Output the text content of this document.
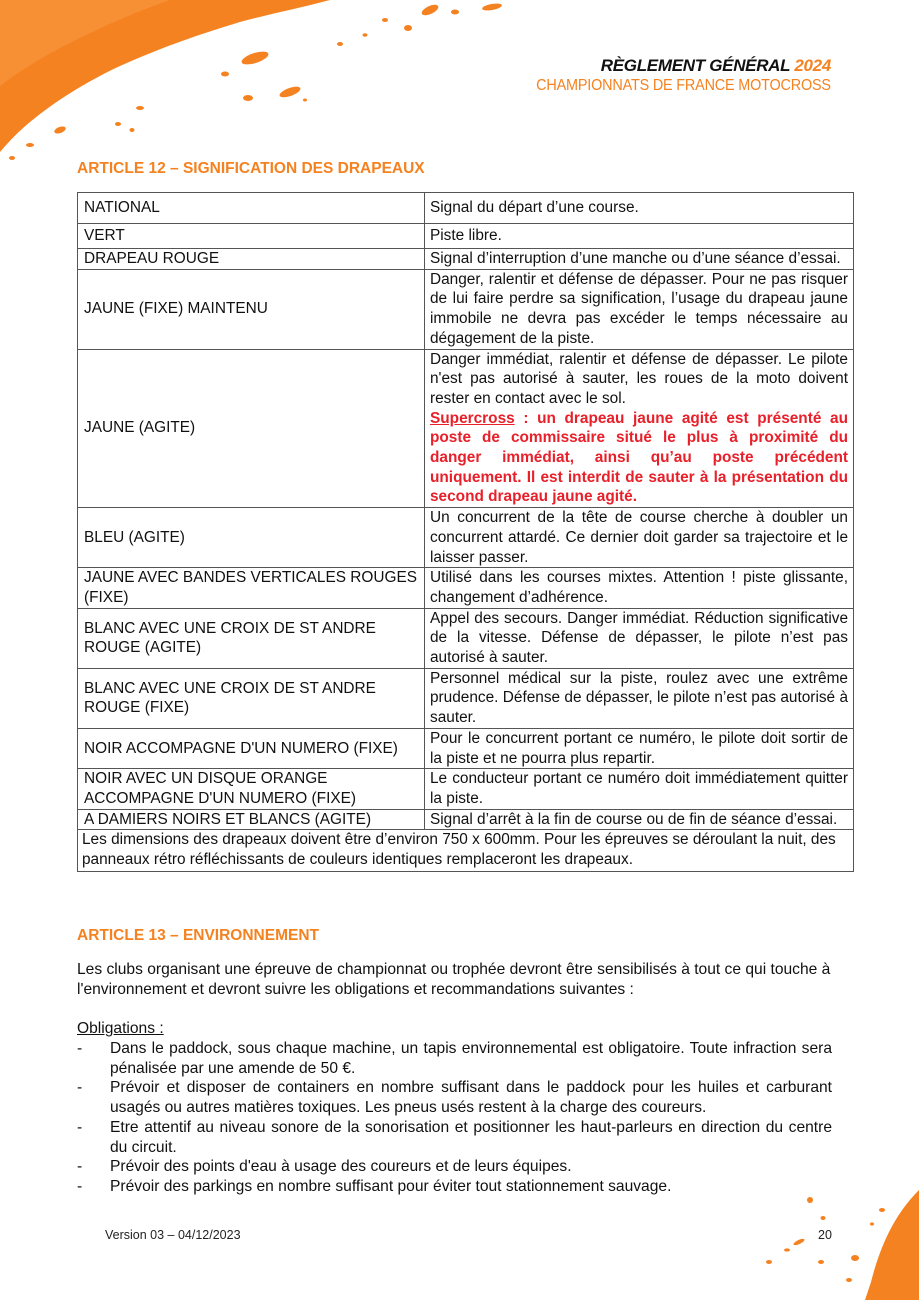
RÈGLEMENT GÉNÉRAL 2024
CHAMPIONNATS DE FRANCE MOTOCROSS
ARTICLE 12 – SIGNIFICATION DES DRAPEAUX
NATIONAL	Signal du départ d’une course.
VERT	Piste libre.
DRAPEAU ROUGE	Signal d’interruption d’une manche ou d’une séance d’essai.
JAUNE (FIXE) MAINTENU	Danger, ralentir et défense de dépasser. Pour ne pas risquer de lui faire perdre sa signification, l’usage du drapeau jaune immobile ne devra pas excéder le temps nécessaire au dégagement de la piste.
JAUNE (AGITE)	Danger immédiat, ralentir et défense de dépasser. Le pilote n'est pas autorisé à sauter, les roues de la moto doivent rester en contact avec le sol.
Supercross : un drapeau jaune agité est présenté au poste de commissaire situé le plus à proximité du danger immédiat, ainsi qu’au poste précédent uniquement. Il est interdit de sauter à la présentation du second drapeau jaune agité.
BLEU (AGITE)	Un concurrent de la tête de course cherche à doubler un concurrent attardé. Ce dernier doit garder sa trajectoire et le laisser passer.
JAUNE AVEC BANDES VERTICALES ROUGES (FIXE)	Utilisé dans les courses mixtes. Attention ! piste glissante, changement d’adhérence.
BLANC AVEC UNE CROIX DE ST ANDRE ROUGE (AGITE)	Appel des secours. Danger immédiat. Réduction significative de la vitesse. Défense de dépasser, le pilote n’est pas autorisé à sauter.
BLANC AVEC UNE CROIX DE ST ANDRE ROUGE (FIXE)	Personnel médical sur la piste, roulez avec une extrême prudence. Défense de dépasser, le pilote n’est pas autorisé à sauter.
NOIR ACCOMPAGNE D'UN NUMERO (FIXE)	Pour le concurrent portant ce numéro, le pilote doit sortir de la piste et ne pourra plus repartir.
NOIR AVEC UN DISQUE ORANGE ACCOMPAGNE D'UN NUMERO (FIXE)	Le conducteur portant ce numéro doit immédiatement quitter la piste.
A DAMIERS NOIRS ET BLANCS (AGITE)	Signal d’arrêt à la fin de course ou de fin de séance d’essai.
Les dimensions des drapeaux doivent être d’environ 750 x 600mm. Pour les épreuves se déroulant la nuit, des panneaux rétro réfléchissants de couleurs identiques remplaceront les drapeaux.	
ARTICLE 13 – ENVIRONNEMENT
Les clubs organisant une épreuve de championnat ou trophée devront être sensibilisés à tout ce qui touche à l'environnement et devront suivre les obligations et recommandations suivantes :
Obligations :
- Dans le paddock, sous chaque machine, un tapis environnemental est obligatoire. Toute infraction sera pénalisée par une amende de 50 €.
- Prévoir et disposer de containers en nombre suffisant dans le paddock pour les huiles et carburant usagés ou autres matières toxiques. Les pneus usés restent à la charge des coureurs.
- Etre attentif au niveau sonore de la sonorisation et positionner les haut-parleurs en direction du centre du circuit.
- Prévoir des points d'eau à usage des coureurs et de leurs équipes.
- Prévoir des parkings en nombre suffisant pour éviter tout stationnement sauvage.
Version 03 – 04/12/2023	20
